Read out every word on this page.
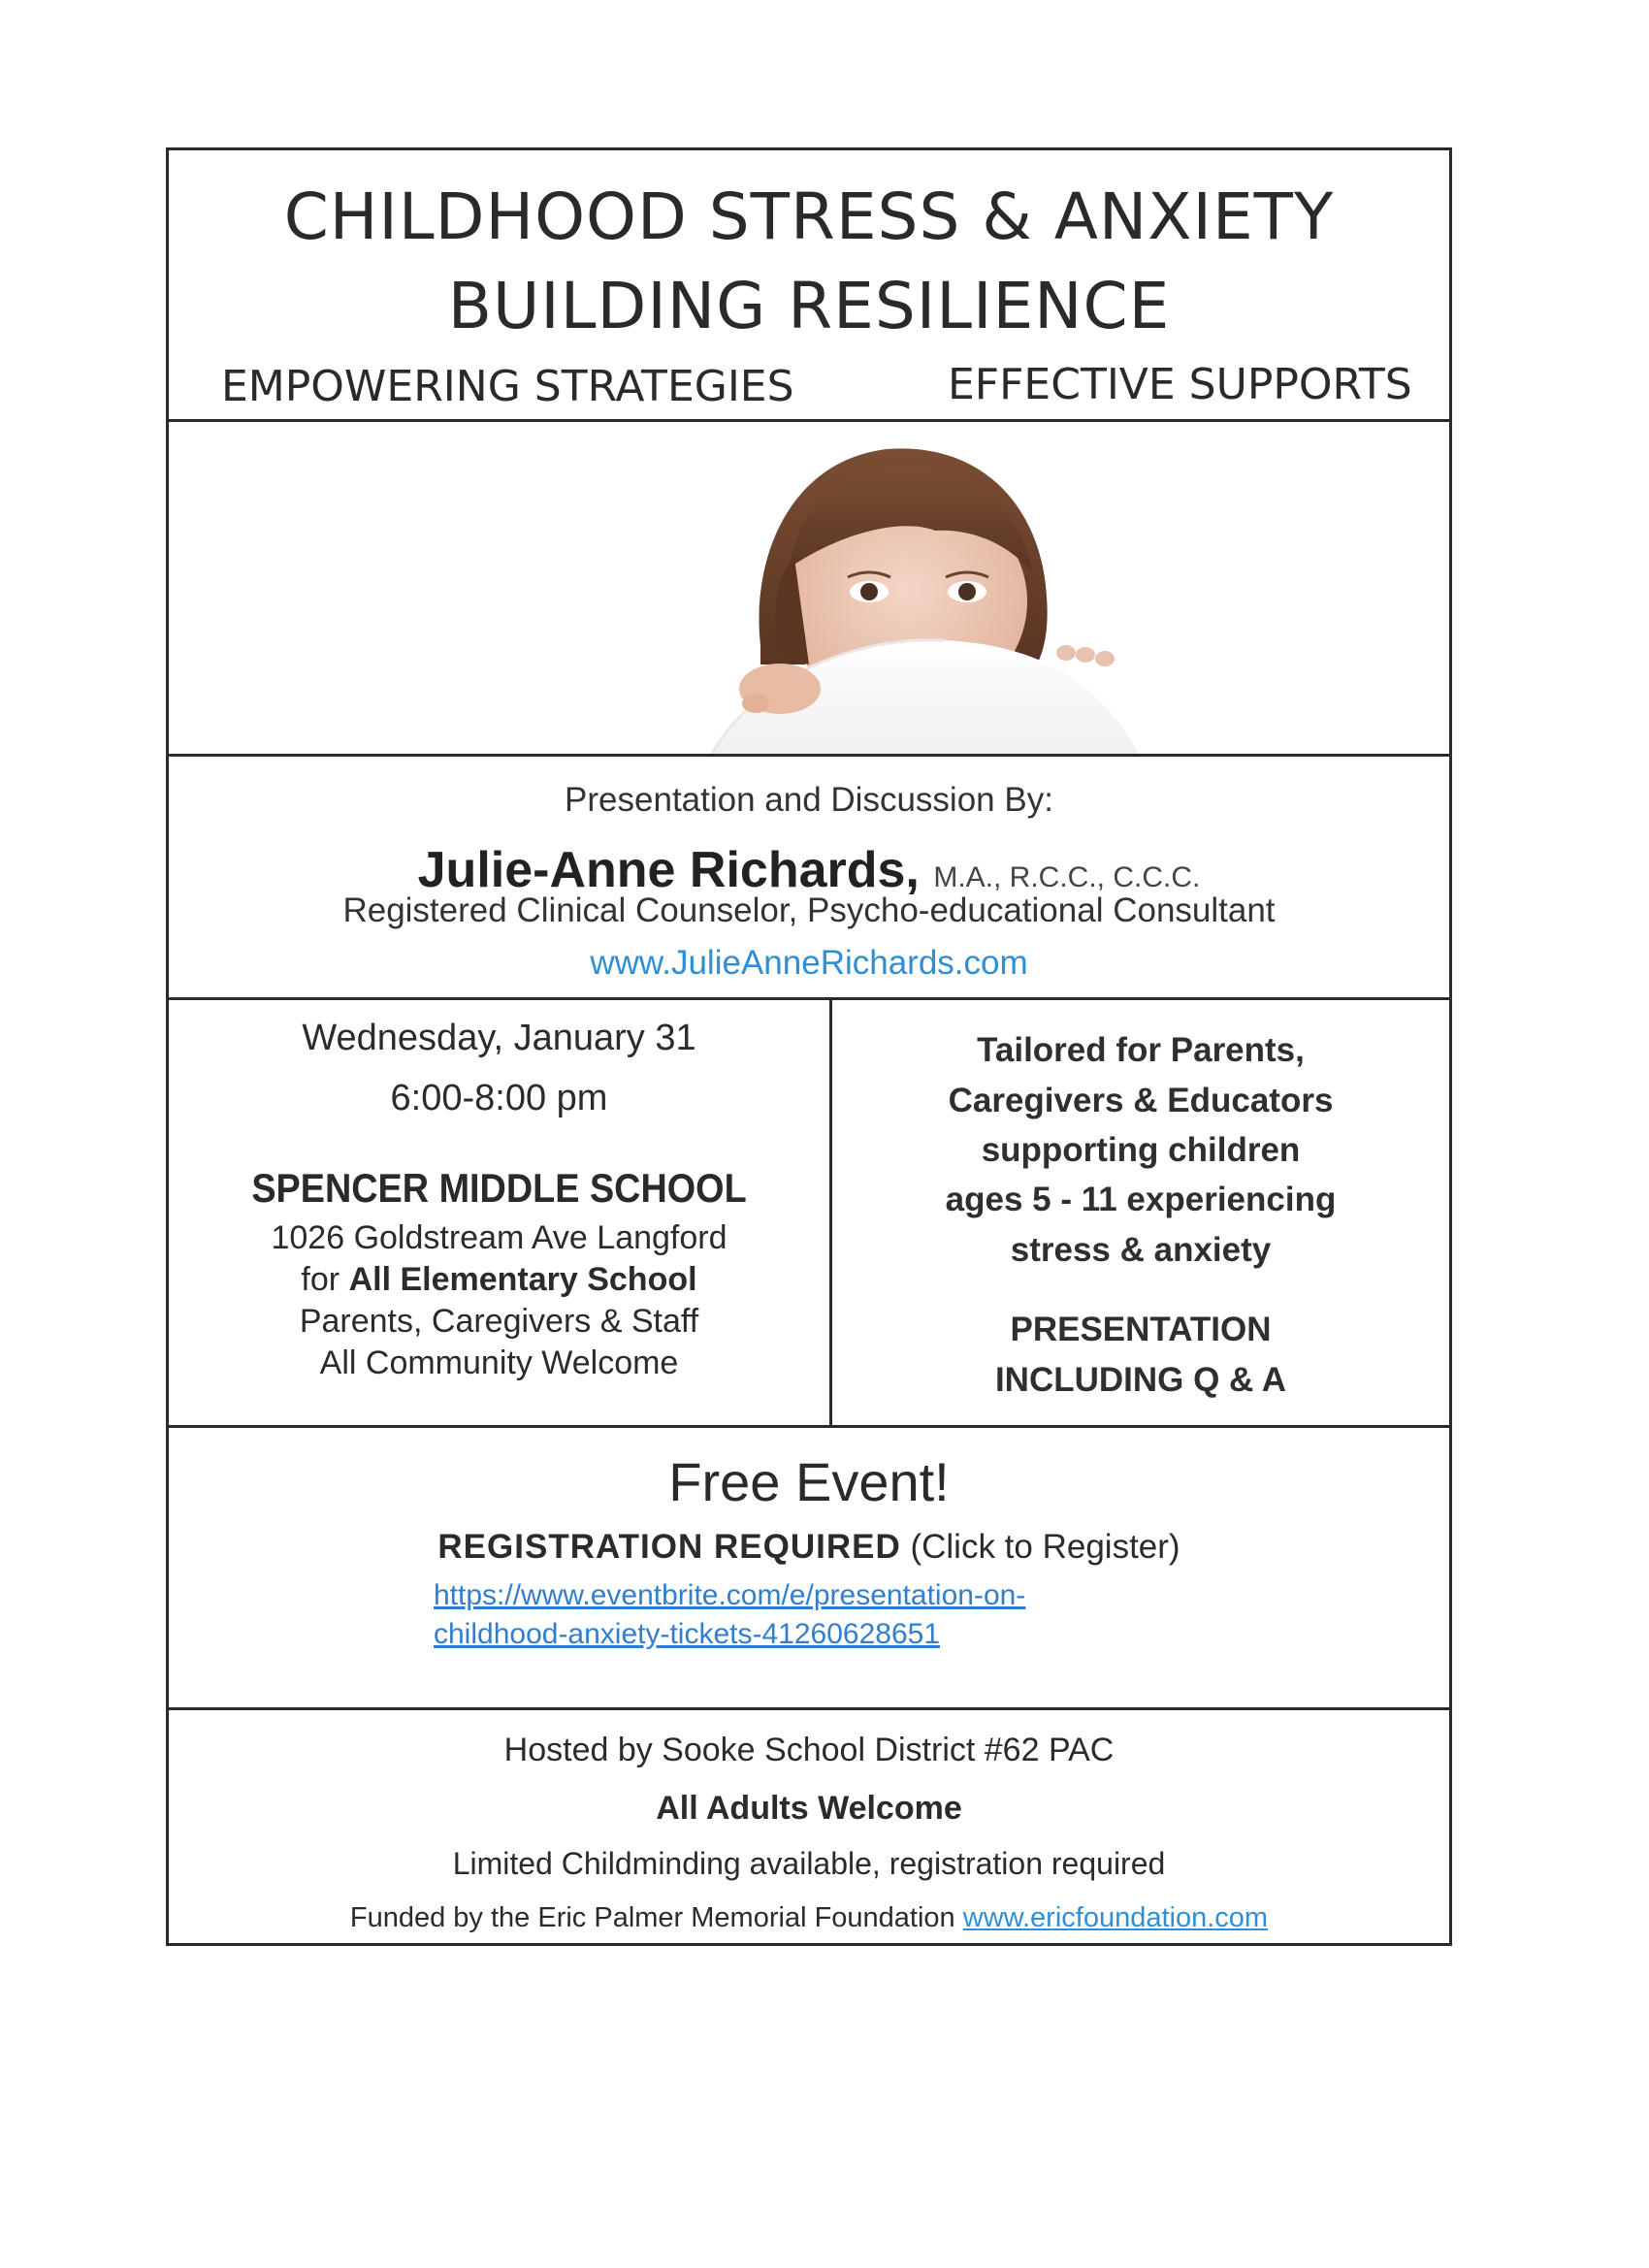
CHILDHOOD STRESS & ANXIETY
BUILDING RESILIENCE
EMPOWERING STRATEGIES	EFFECTIVE SUPPORTS
Presentation and Discussion By:
Julie-Anne Richards, M.A., R.C.C., C.C.C.
Registered Clinical Counselor, Psycho-educational Consultant
www.JulieAnneRichards.com
Wednesday, January 31
6:00-8:00 pm
SPENCER MIDDLE SCHOOL
1026 Goldstream Ave Langford
for All Elementary School
Parents, Caregivers & Staff
All Community Welcome
Tailored for Parents,
Caregivers & Educators
supporting children
ages 5 - 11 experiencing
stress & anxiety
PRESENTATION
INCLUDING Q & A
Free Event!
REGISTRATION REQUIRED (Click to Register)
https://www.eventbrite.com/e/presentation-on-
childhood-anxiety-tickets-41260628651
Hosted by Sooke School District #62 PAC
All Adults Welcome
Limited Childminding available, registration required
Funded by the Eric Palmer Memorial Foundation www.ericfoundation.com
